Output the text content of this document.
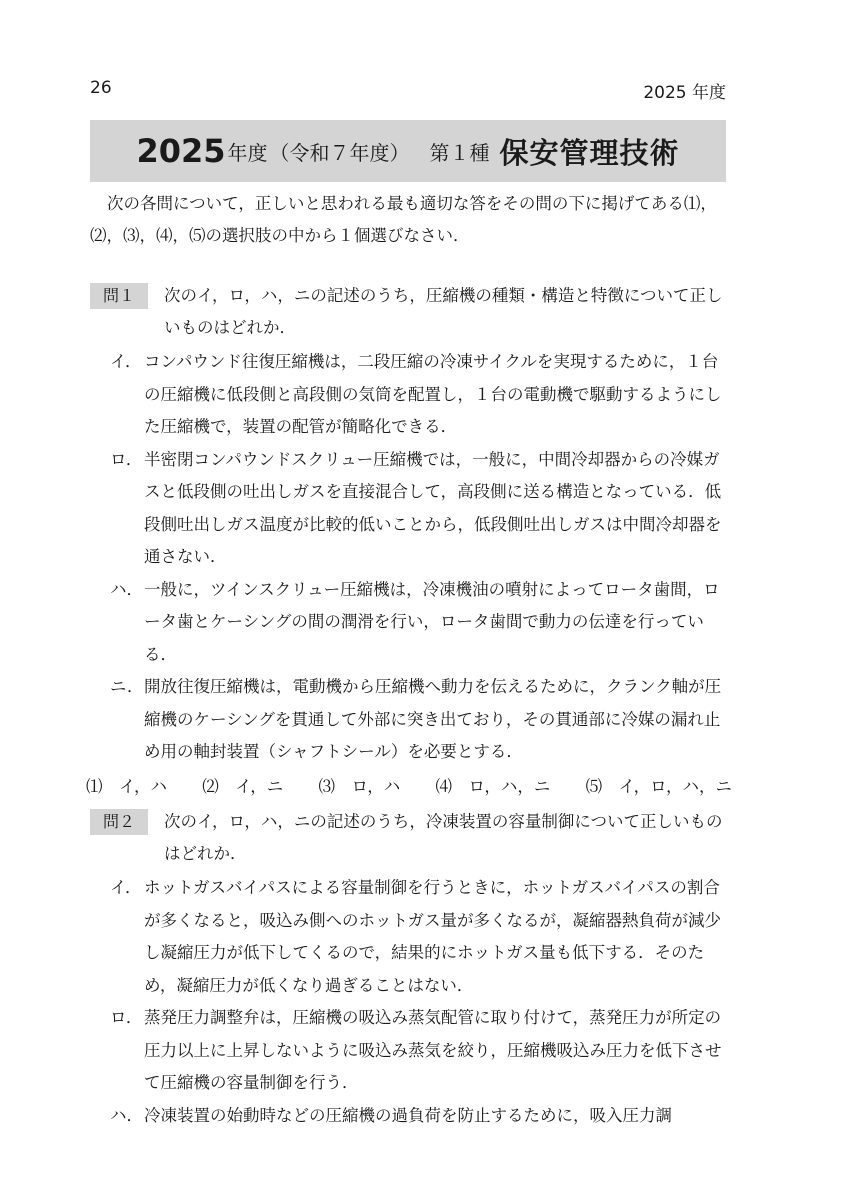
26	2025 年度
2025 年度 （令和７年度） 第１種 保安管理技術

次の各問について，正しいと思われる最も適切な答をその問の下に掲げてある⑴，⑵，⑶，⑷，⑸の選択肢の中から１個選びなさい．

問１	次のイ，ロ，ハ，ニの記述のうち，圧縮機の種類・構造と特徴について正しいものはどれか．
イ． コンパウンド往復圧縮機は，二段圧縮の冷凍サイクルを実現するために，１台の圧縮機に低段側と高段側の気筒を配置し，１台の電動機で駆動するようにした圧縮機で，装置の配管が簡略化できる．
ロ． 半密閉コンパウンドスクリュー圧縮機では，一般に，中間冷却器からの冷媒ガスと低段側の吐出しガスを直接混合して，高段側に送る構造となっている．低段側吐出しガス温度が比較的低いことから，低段側吐出しガスは中間冷却器を通さない．
ハ． 一般に，ツインスクリュー圧縮機は，冷凍機油の噴射によってロータ歯間，ロータ歯とケーシングの間の潤滑を行い，ロータ歯間で動力の伝達を行っている．
ニ． 開放往復圧縮機は，電動機から圧縮機へ動力を伝えるために，クランク軸が圧縮機のケーシングを貫通して外部に突き出ており，その貫通部に冷媒の漏れ止め用の軸封装置（シャフトシール）を必要とする．
⑴　イ，ハ ⑵　イ，ニ ⑶　ロ，ハ ⑷　ロ，ハ，ニ ⑸　イ，ロ，ハ，ニ
問２	次のイ，ロ，ハ，ニの記述のうち，冷凍装置の容量制御について正しいものはどれか．
イ． ホットガスバイパスによる容量制御を行うときに，ホットガスバイパスの割合が多くなると，吸込み側へのホットガス量が多くなるが，凝縮器熱負荷が減少し凝縮圧力が低下してくるので，結果的にホットガス量も低下する．そのため，凝縮圧力が低くなり過ぎることはない．
ロ． 蒸発圧力調整弁は，圧縮機の吸込み蒸気配管に取り付けて，蒸発圧力が所定の圧力以上に上昇しないように吸込み蒸気を絞り，圧縮機吸込み圧力を低下させて圧縮機の容量制御を行う．
ハ． 冷凍装置の始動時などの圧縮機の過負荷を防止するために，吸入圧力調
